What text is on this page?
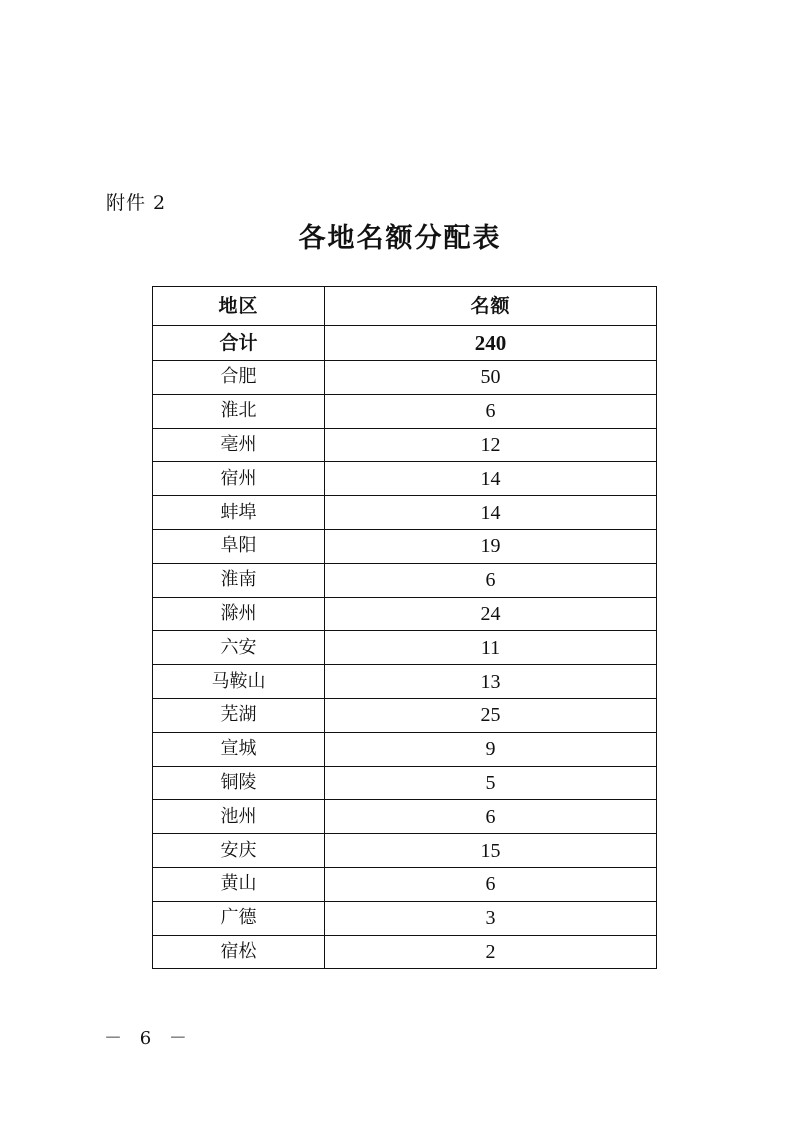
附件 2
各地名额分配表
地区	名额
合计	240
合肥	50
淮北	6
亳州	12
宿州	14
蚌埠	14
阜阳	19
淮南	6
滁州	24
六安	11
马鞍山	13
芜湖	25
宣城	9
铜陵	5
池州	6
安庆	15
黄山	6
广德	3
宿松	2
－ 6 －
